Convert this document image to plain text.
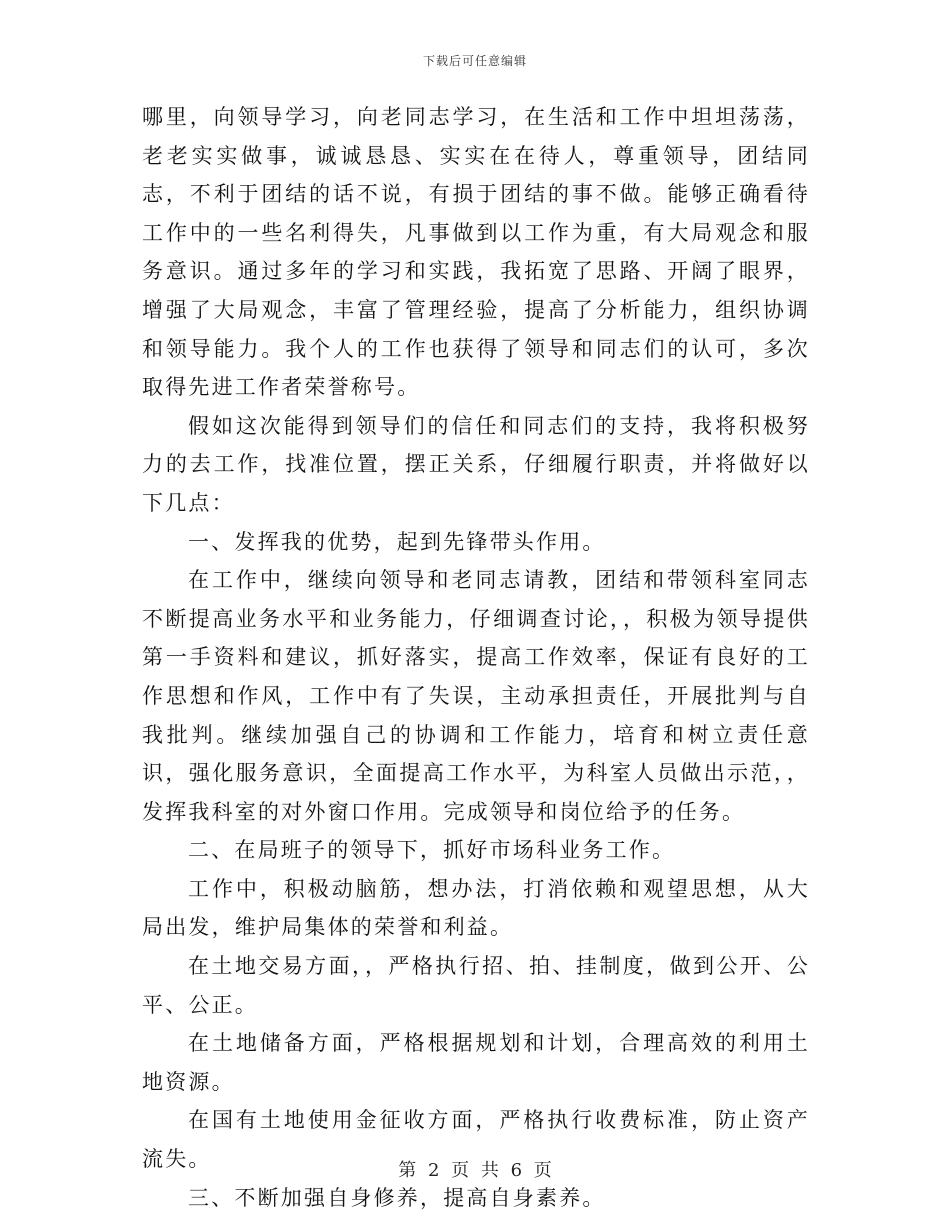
下载后可任意编辑

哪里，向领导学习，向老同志学习，在生活和工作中坦坦荡荡，老老实实做事，诚诚恳恳、实实在在待人，尊重领导，团结同志，不利于团结的话不说，有损于团结的事不做。能够正确看待工作中的一些名利得失，凡事做到以工作为重，有大局观念和服务意识。通过多年的学习和实践，我拓宽了思路、开阔了眼界，增强了大局观念，丰富了管理经验，提高了分析能力，组织协调和领导能力。我个人的工作也获得了领导和同志们的认可，多次取得先进工作者荣誉称号。

假如这次能得到领导们的信任和同志们的支持，我将积极努力的去工作，找准位置，摆正关系，仔细履行职责，并将做好以下几点：

一、发挥我的优势，起到先锋带头作用。

在工作中，继续向领导和老同志请教，团结和带领科室同志不断提高业务水平和业务能力，仔细调查讨论，，积极为领导提供第一手资料和建议，抓好落实，提高工作效率，保证有良好的工作思想和作风，工作中有了失误，主动承担责任，开展批判与自我批判。继续加强自己的协调和工作能力，培育和树立责任意识，强化服务意识，全面提高工作水平，为科室人员做出示范，，发挥我科室的对外窗口作用。完成领导和岗位给予的任务。

二、在局班子的领导下，抓好市场科业务工作。

工作中，积极动脑筋，想办法，打消依赖和观望思想，从大局出发，维护局集体的荣誉和利益。

在土地交易方面，，严格执行招、拍、挂制度，做到公开、公平、公正。

在土地储备方面，严格根据规划和计划，合理高效的利用土地资源。

在国有土地使用金征收方面，严格执行收费标准，防止资产流失。

三、不断加强自身修养，提高自身素养。

第 2 页 共 6 页
